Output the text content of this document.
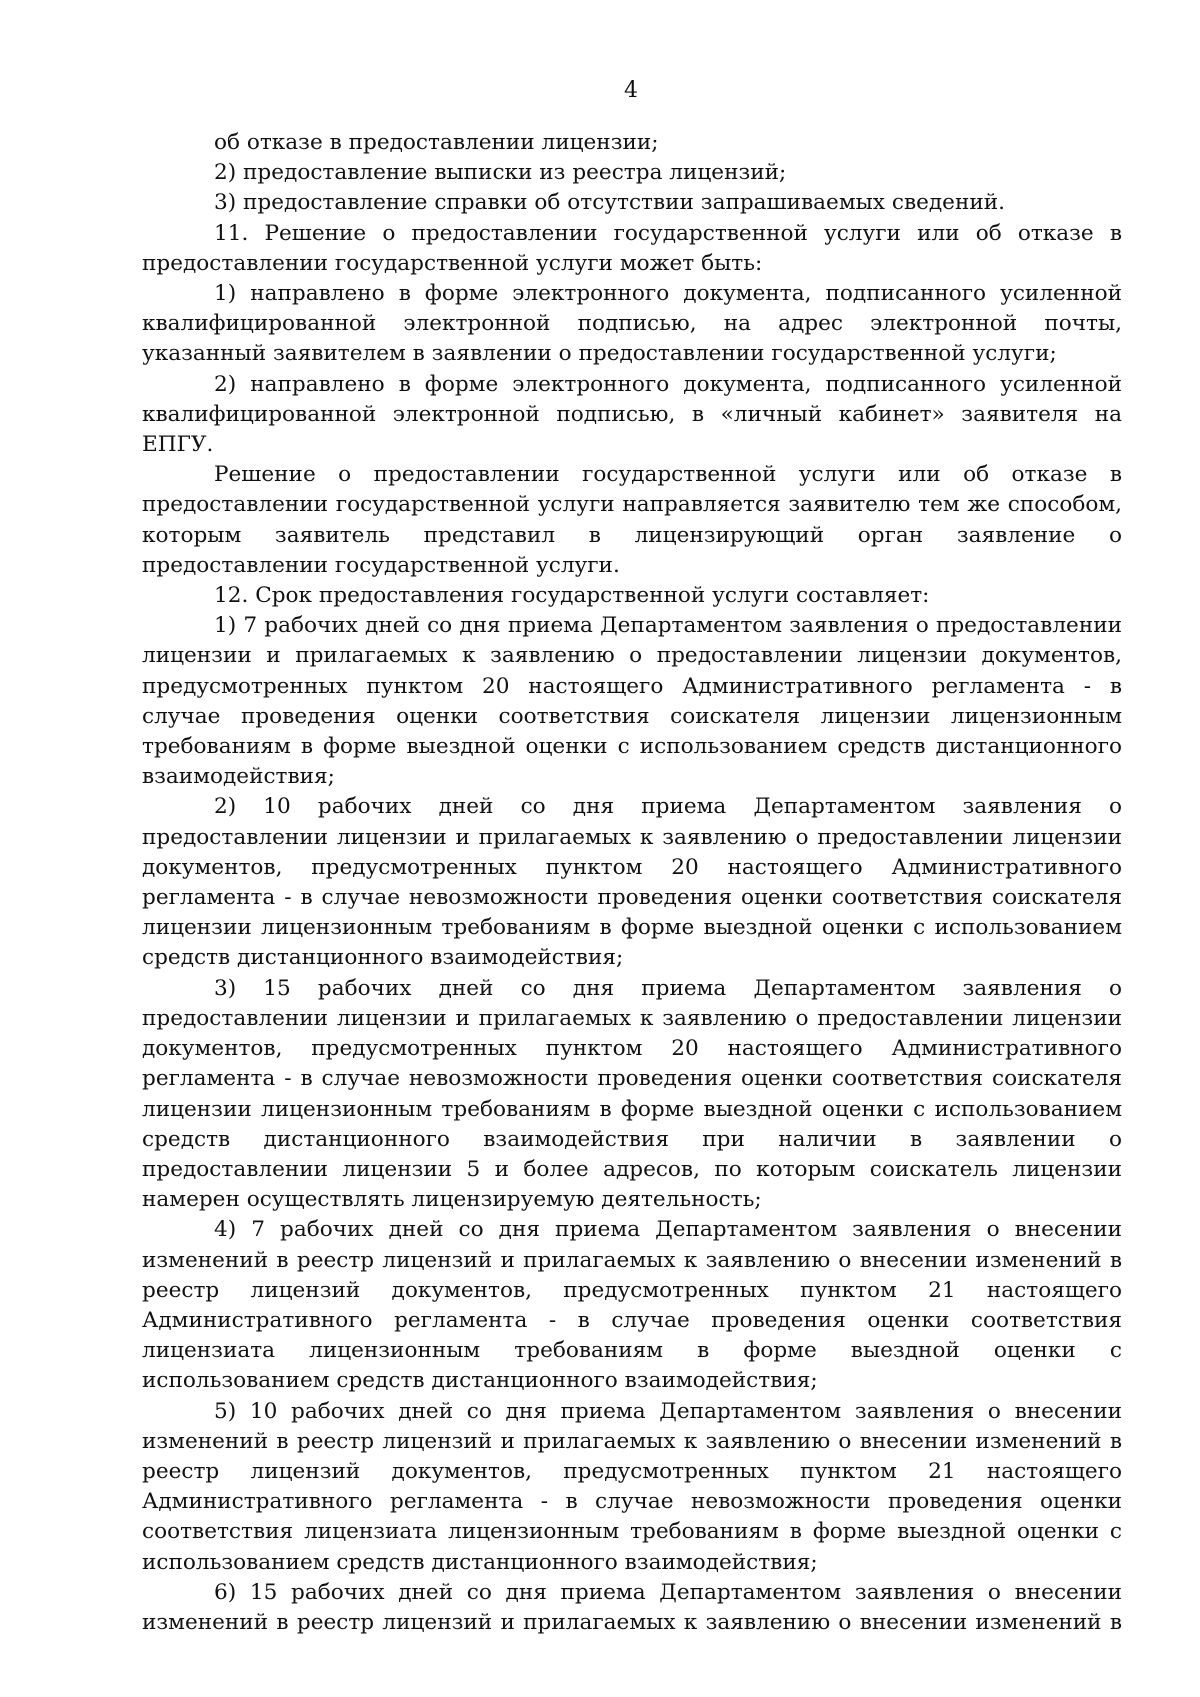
4

об отказе в предоставлении лицензии;

2) предоставление выписки из реестра лицензий;

3) предоставление справки об отсутствии запрашиваемых сведений.

11. Решение о предоставлении государственной услуги или об отказе в предоставлении государственной услуги может быть:

1) направлено в форме электронного документа, подписанного усиленной квалифицированной электронной подписью, на адрес электронной почты, указанный заявителем в заявлении о предоставлении государственной услуги;

2) направлено в форме электронного документа, подписанного усиленной квалифицированной электронной подписью, в «личный кабинет» заявителя на ЕПГУ.

Решение о предоставлении государственной услуги или об отказе в предоставлении государственной услуги направляется заявителю тем же способом, которым заявитель представил в лицензирующий орган заявление о предоставлении государственной услуги.

12. Срок предоставления государственной услуги составляет:

1) 7 рабочих дней со дня приема Департаментом заявления о предоставлении лицензии и прилагаемых к заявлению о предоставлении лицензии документов, предусмотренных пунктом 20 настоящего Административного регламента - в случае проведения оценки соответствия соискателя лицензии лицензионным требованиям в форме выездной оценки с использованием средств дистанционного взаимодействия;

2) 10 рабочих дней со дня приема Департаментом заявления о предоставлении лицензии и прилагаемых к заявлению о предоставлении лицензии документов, предусмотренных пунктом 20 настоящего Административного регламента - в случае невозможности проведения оценки соответствия соискателя лицензии лицензионным требованиям в форме выездной оценки с использованием средств дистанционного взаимодействия;

3) 15 рабочих дней со дня приема Департаментом заявления о предоставлении лицензии и прилагаемых к заявлению о предоставлении лицензии документов, предусмотренных пунктом 20 настоящего Административного регламента - в случае невозможности проведения оценки соответствия соискателя лицензии лицензионным требованиям в форме выездной оценки с использованием средств дистанционного взаимодействия при наличии в заявлении о предоставлении лицензии 5 и более адресов, по которым соискатель лицензии намерен осуществлять лицензируемую деятельность;

4) 7 рабочих дней со дня приема Департаментом заявления о внесении изменений в реестр лицензий и прилагаемых к заявлению о внесении изменений в реестр лицензий документов, предусмотренных пунктом 21 настоящего Административного регламента - в случае проведения оценки соответствия лицензиата лицензионным требованиям в форме выездной оценки с использованием средств дистанционного взаимодействия;

5) 10 рабочих дней со дня приема Департаментом заявления о внесении изменений в реестр лицензий и прилагаемых к заявлению о внесении изменений в реестр лицензий документов, предусмотренных пунктом 21 настоящего Административного регламента - в случае невозможности проведения оценки соответствия лицензиата лицензионным требованиям в форме выездной оценки с использованием средств дистанционного взаимодействия;

6) 15 рабочих дней со дня приема Департаментом заявления о внесении изменений в реестр лицензий и прилагаемых к заявлению о внесении изменений в
